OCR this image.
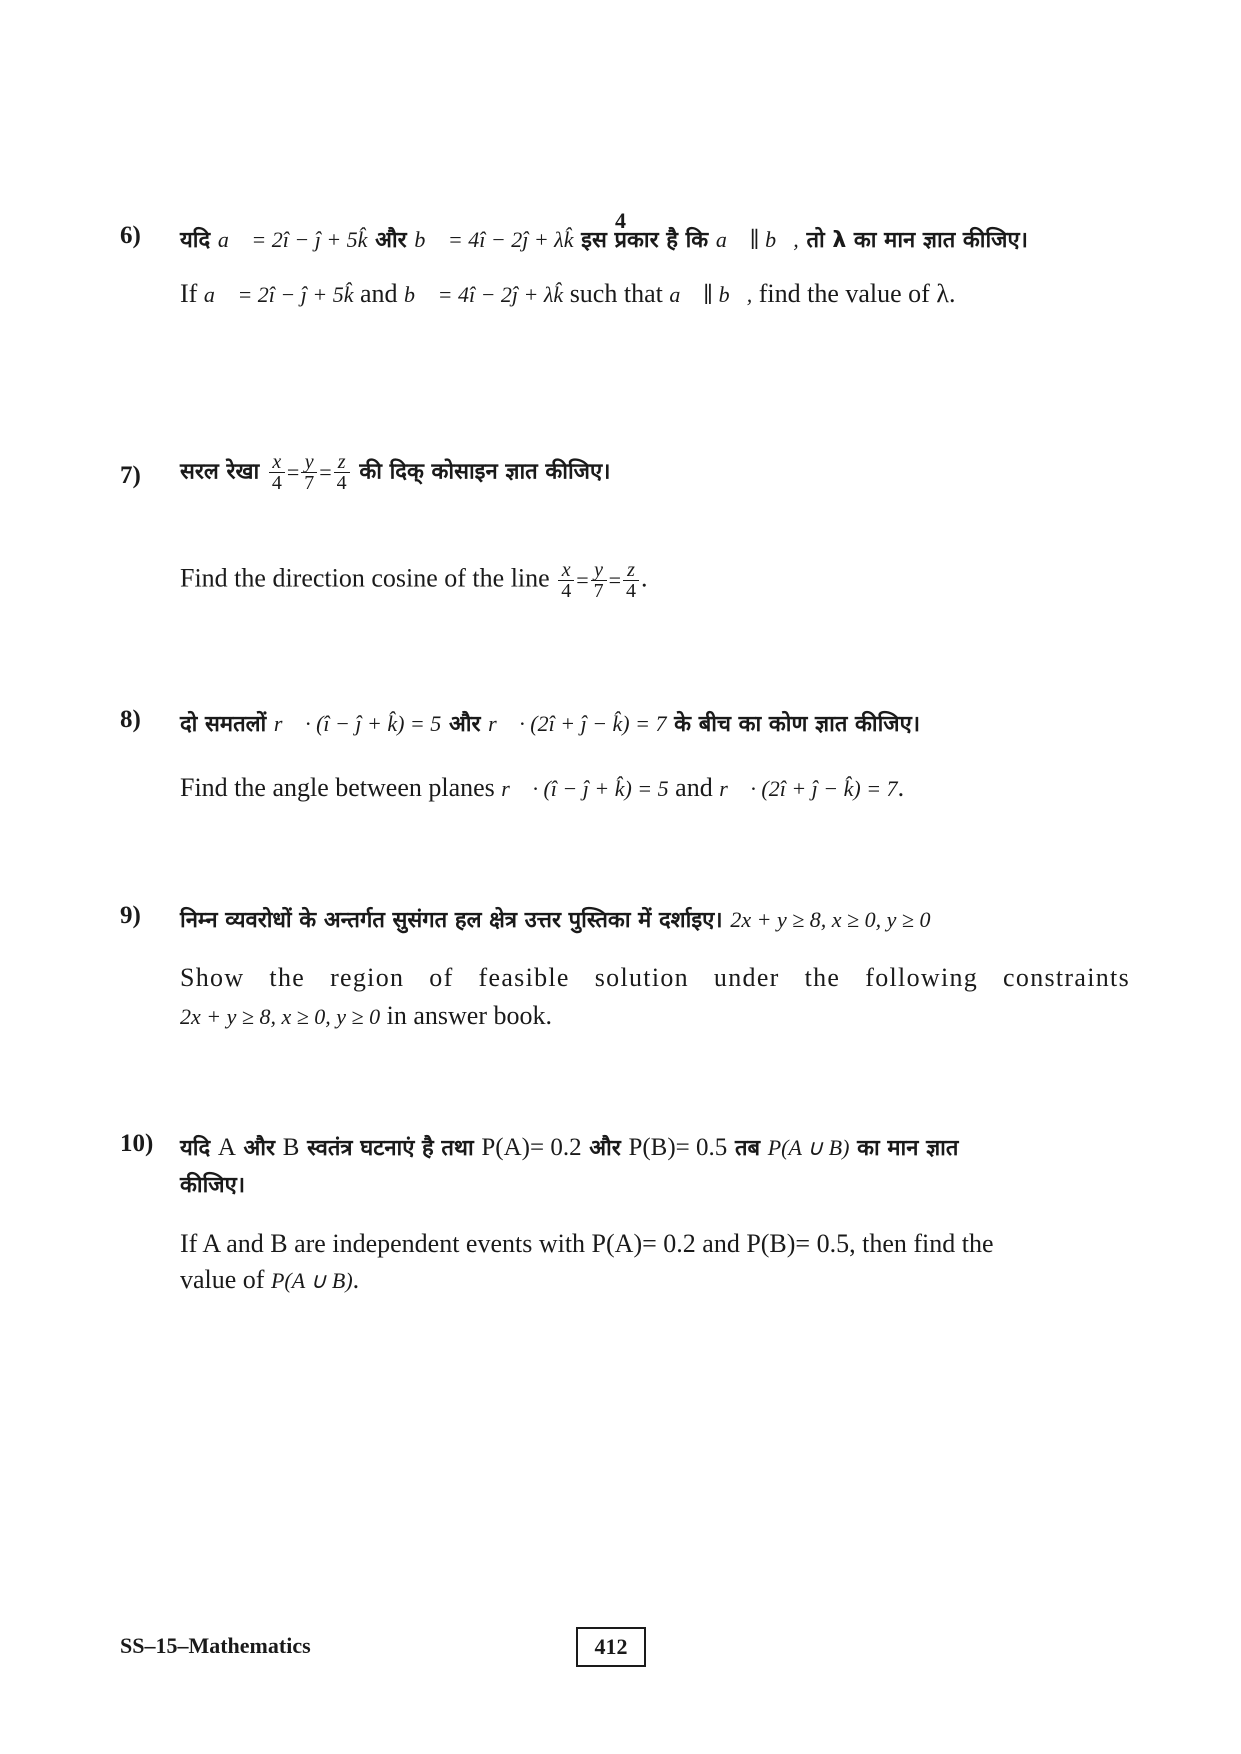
4
6) यदि a⃗ = 2î − ĵ + 5k̂ और b⃗ = 4î − 2ĵ + λk̂ इस प्रकार है कि a⃗ ∥ b⃗, तो λ का मान ज्ञात कीजिए।
If a⃗ = 2î − ĵ + 5k̂ and b⃗ = 4î − 2ĵ + λk̂ such that a⃗ ∥ b⃗, find the value of λ.
7) सरल रेखा $\frac{x}{4} = \frac{y}{7} = \frac{z}{4}$ की दिक् कोसाइन ज्ञात कीजिए।
Find the direction cosine of the line $\frac{x}{4} = \frac{y}{7} = \frac{z}{4}$ .
8) दो समतलों r⃗ · (î − ĵ + k̂) = 5 और r⃗ · (2î + ĵ − k̂) = 7 के बीच का कोण ज्ञात कीजिए।
Find the angle between planes r⃗ · (î − ĵ + k̂) = 5 and r⃗ · (2î + ĵ − k̂) = 7.
9) निम्न व्यवरोधों के अन्तर्गत सुसंगत हल क्षेत्र उत्तर पुस्तिका में दर्शाइए। 2x + y ≥ 8, x ≥ 0, y ≥ 0
Show the region of feasible solution under the following constraints
2x + y ≥ 8, x ≥ 0, y ≥ 0 in answer book.
10) यदि A और B स्वतंत्र घटनाएं है तथा P(A)= 0.2 और P(B)= 0.5 तब P(A ∪ B) का मान ज्ञात
कीजिए।
If A and B are independent events with P(A)= 0.2 and P(B)= 0.5, then find the
value of P(A ∪ B).
SS–15–Mathematics	412
